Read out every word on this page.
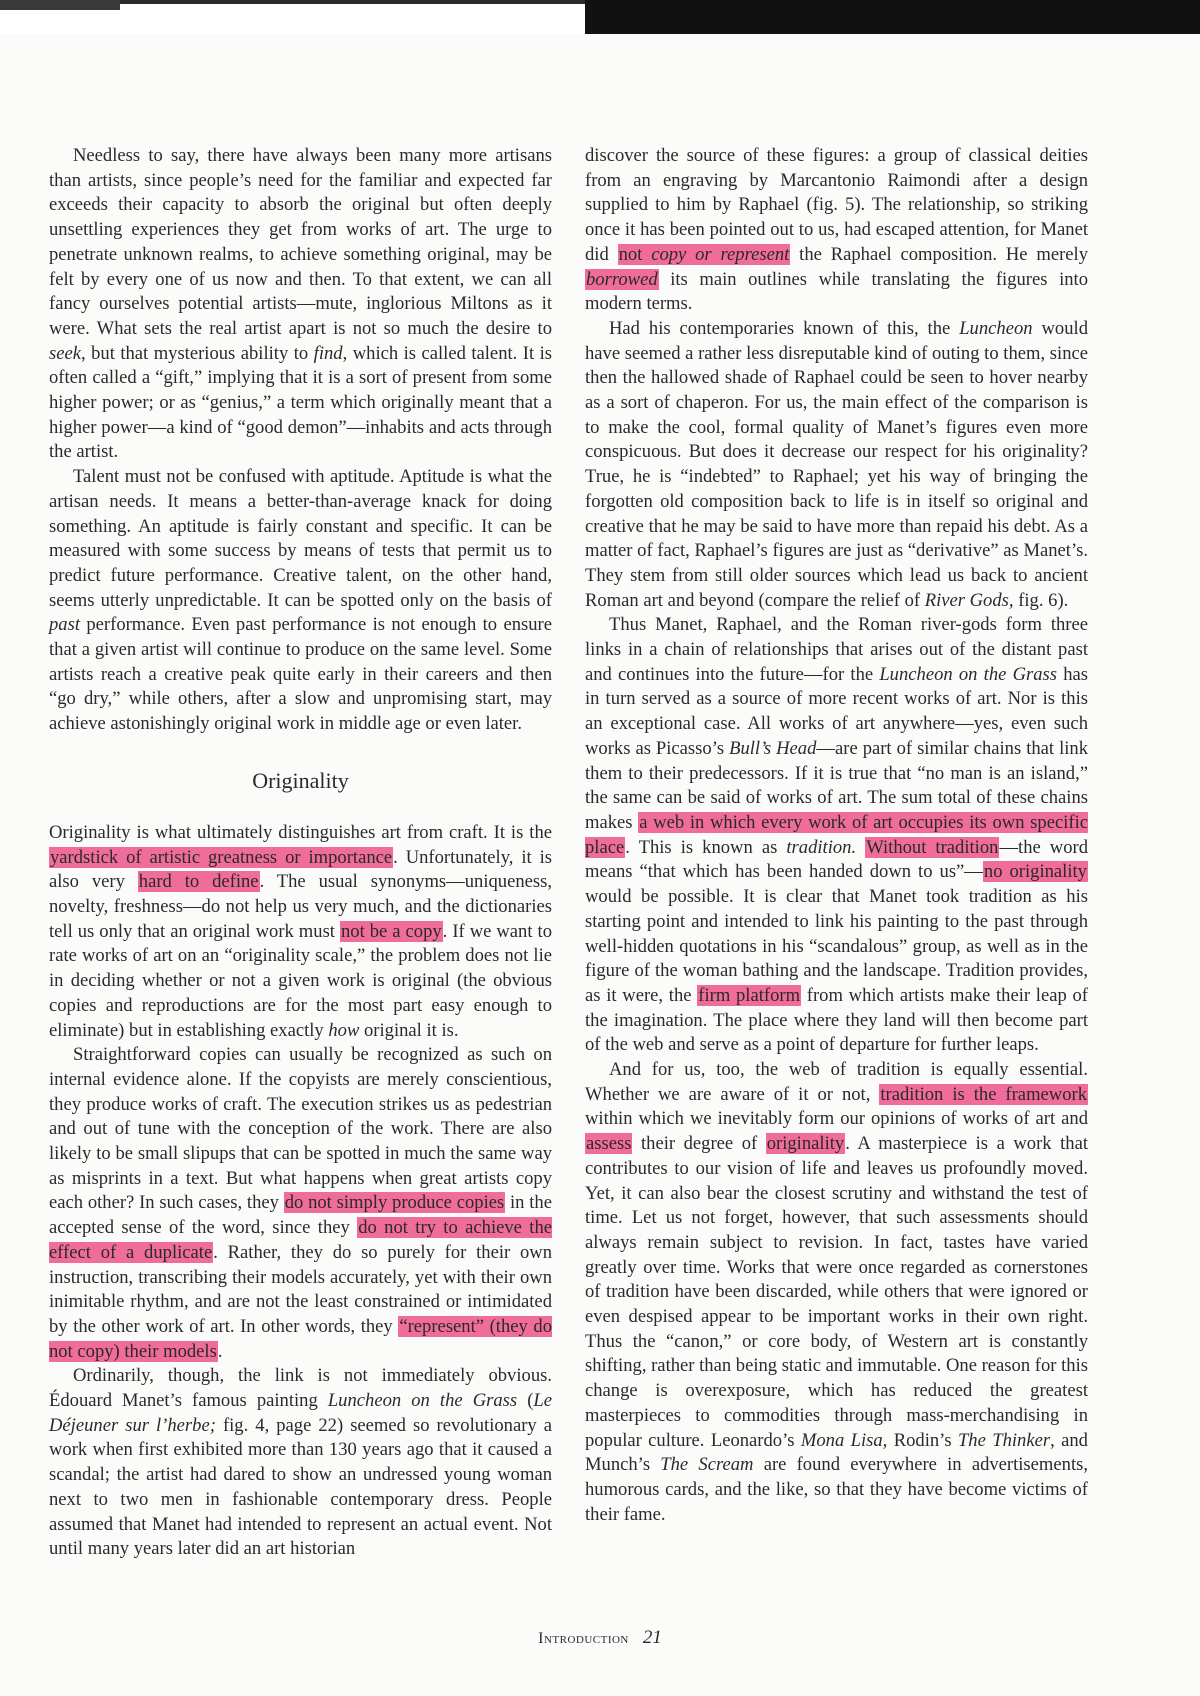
Needless to say, there have always been many more artisans than artists, since people’s need for the familiar and expected far exceeds their capacity to absorb the original but often deeply unsettling experiences they get from works of art. The urge to penetrate unknown realms, to achieve something original, may be felt by every one of us now and then. To that extent, we can all fancy ourselves potential artists—mute, inglorious Miltons as it were. What sets the real artist apart is not so much the desire to seek, but that mysterious ability to find, which is called talent. It is often called a “gift,” implying that it is a sort of present from some higher power; or as “genius,” a term which originally meant that a higher power—a kind of “good demon”—inhabits and acts through the artist.

Talent must not be confused with aptitude. Aptitude is what the artisan needs. It means a better-than-average knack for doing something. An aptitude is fairly constant and specific. It can be measured with some success by means of tests that permit us to predict future performance. Creative talent, on the other hand, seems utterly unpredictable. It can be spotted only on the basis of past performance. Even past performance is not enough to ensure that a given artist will continue to produce on the same level. Some artists reach a creative peak quite early in their careers and then “go dry,” while others, after a slow and unpromising start, may achieve astonishingly original work in middle age or even later.

Originality

Originality is what ultimately distinguishes art from craft. It is the yardstick of artistic greatness or importance. Unfortunately, it is also very hard to define. The usual synonyms—uniqueness, novelty, freshness—do not help us very much, and the dictionaries tell us only that an original work must not be a copy. If we want to rate works of art on an “originality scale,” the problem does not lie in deciding whether or not a given work is original (the obvious copies and reproductions are for the most part easy enough to eliminate) but in establishing exactly how original it is.

Straightforward copies can usually be recognized as such on internal evidence alone. If the copyists are merely conscientious, they produce works of craft. The execution strikes us as pedestrian and out of tune with the conception of the work. There are also likely to be small slipups that can be spotted in much the same way as misprints in a text. But what happens when great artists copy each other? In such cases, they do not simply produce copies in the accepted sense of the word, since they do not try to achieve the effect of a duplicate. Rather, they do so purely for their own instruction, transcribing their models accurately, yet with their own inimitable rhythm, and are not the least constrained or intimidated by the other work of art. In other words, they “represent” (they do not copy) their models.

Ordinarily, though, the link is not immediately obvious. Édouard Manet’s famous painting Luncheon on the Grass (Le Déjeuner sur l’herbe; fig. 4, page 22) seemed so revolutionary a work when first exhibited more than 130 years ago that it caused a scandal; the artist had dared to show an undressed young woman next to two men in fashionable contemporary dress. People assumed that Manet had intended to represent an actual event. Not until many years later did an art historian

discover the source of these figures: a group of classical deities from an engraving by Marcantonio Raimondi after a design supplied to him by Raphael (fig. 5). The relationship, so striking once it has been pointed out to us, had escaped attention, for Manet did not copy or represent the Raphael composition. He merely borrowed its main outlines while translating the figures into modern terms.

Had his contemporaries known of this, the Luncheon would have seemed a rather less disreputable kind of outing to them, since then the hallowed shade of Raphael could be seen to hover nearby as a sort of chaperon. For us, the main effect of the comparison is to make the cool, formal quality of Manet’s figures even more conspicuous. But does it decrease our respect for his originality? True, he is “indebted” to Raphael; yet his way of bringing the forgotten old composition back to life is in itself so original and creative that he may be said to have more than repaid his debt. As a matter of fact, Raphael’s figures are just as “derivative” as Manet’s. They stem from still older sources which lead us back to ancient Roman art and beyond (compare the relief of River Gods, fig. 6).

Thus Manet, Raphael, and the Roman river-gods form three links in a chain of relationships that arises out of the distant past and continues into the future—for the Luncheon on the Grass has in turn served as a source of more recent works of art. Nor is this an exceptional case. All works of art anywhere—yes, even such works as Picasso’s Bull’s Head—are part of similar chains that link them to their predecessors. If it is true that “no man is an island,” the same can be said of works of art. The sum total of these chains makes a web in which every work of art occupies its own specific place. This is known as tradition. Without tradition—the word means “that which has been handed down to us”—no originality would be possible. It is clear that Manet took tradition as his starting point and intended to link his painting to the past through well-hidden quotations in his “scandalous” group, as well as in the figure of the woman bathing and the landscape. Tradition provides, as it were, the firm platform from which artists make their leap of the imagination. The place where they land will then become part of the web and serve as a point of departure for further leaps.

And for us, too, the web of tradition is equally essential. Whether we are aware of it or not, tradition is the framework within which we inevitably form our opinions of works of art and assess their degree of originality. A masterpiece is a work that contributes to our vision of life and leaves us profoundly moved. Yet, it can also bear the closest scrutiny and withstand the test of time. Let us not forget, however, that such assessments should always remain subject to revision. In fact, tastes have varied greatly over time. Works that were once regarded as cornerstones of tradition have been discarded, while others that were ignored or even despised appear to be important works in their own right. Thus the “canon,” or core body, of Western art is constantly shifting, rather than being static and immutable. One reason for this change is overexposure, which has reduced the greatest masterpieces to commodities through mass-merchandising in popular culture. Leonardo’s Mona Lisa, Rodin’s The Thinker, and Munch’s The Scream are found everywhere in advertisements, humorous cards, and the like, so that they have become victims of their fame.

Introduction 21
